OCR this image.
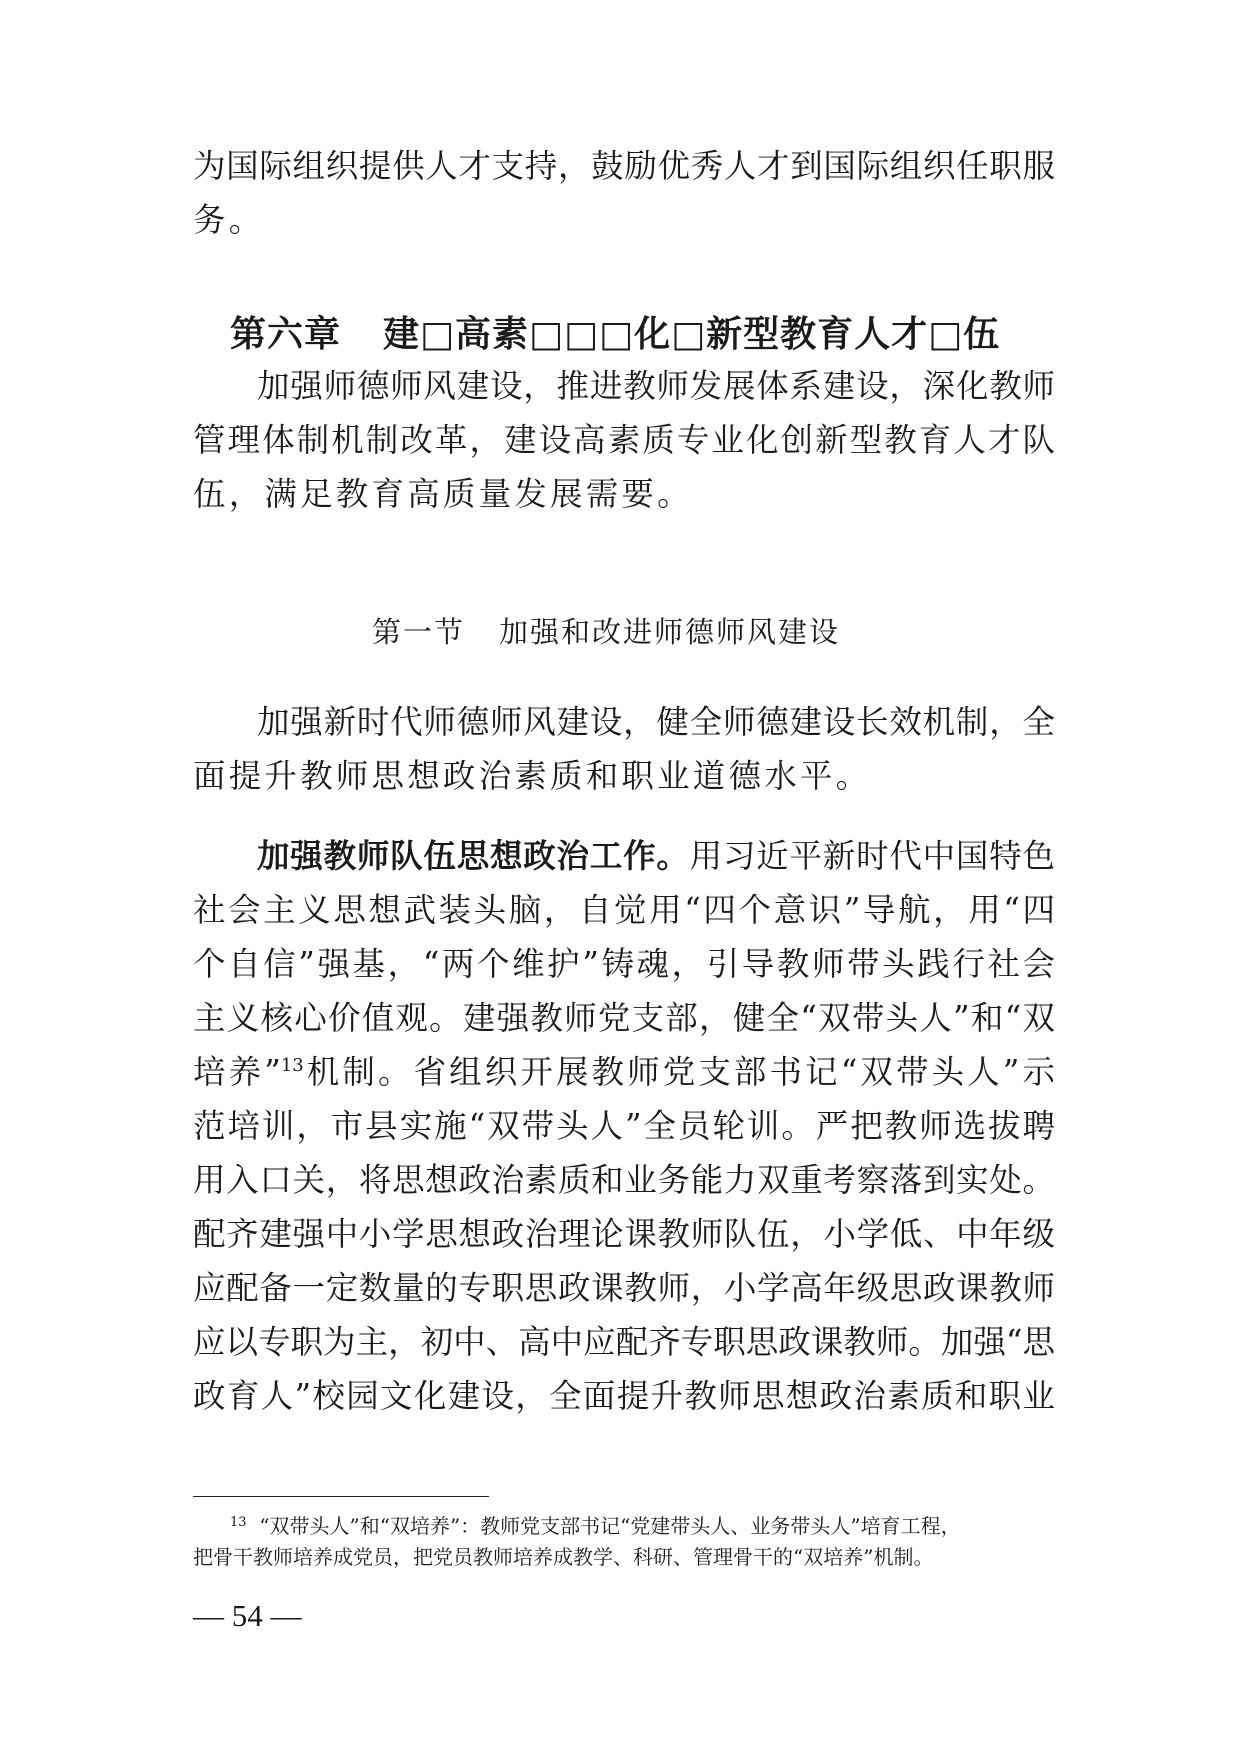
为国际组织提供人才支持，鼓励优秀人才到国际组织任职服
务。
第六章 建□高素□□□化□新型教育人才□伍
加强师德师风建设，推进教师发展体系建设，深化教师
管理体制机制改革，建设高素质专业化创新型教育人才队
伍，满足教育高质量发展需要。
第一节 加强和改进师德师风建设
加强新时代师德师风建设，健全师德建设长效机制，全
面提升教师思想政治素质和职业道德水平。
加强教师队伍思想政治工作。用习近平新时代中国特色
社会主义思想武装头脑，自觉用“四个意识”导航，用“四
个自信”强基，“两个维护”铸魂，引导教师带头践行社会
主义核心价值观。建强教师党支部，健全“双带头人”和“双
培养”$^{13}$机制。省组织开展教师党支部书记“双带头人”示
范培训，市县实施“双带头人”全员轮训。严把教师选拔聘
用入口关，将思想政治素质和业务能力双重考察落到实处。
配齐建强中小学思想政治理论课教师队伍，小学低、中年级
应配备一定数量的专职思政课教师，小学高年级思政课教师
应以专职为主，初中、高中应配齐专职思政课教师。加强“思
政育人”校园文化建设，全面提升教师思想政治素质和职业
$^{13}$ “双带头人”和“双培养”：教师党支部书记“党建带头人、业务带头人”培育工程，
把骨干教师培养成党员，把党员教师培养成教学、科研、管理骨干的“双培养”机制。
— 54 —
